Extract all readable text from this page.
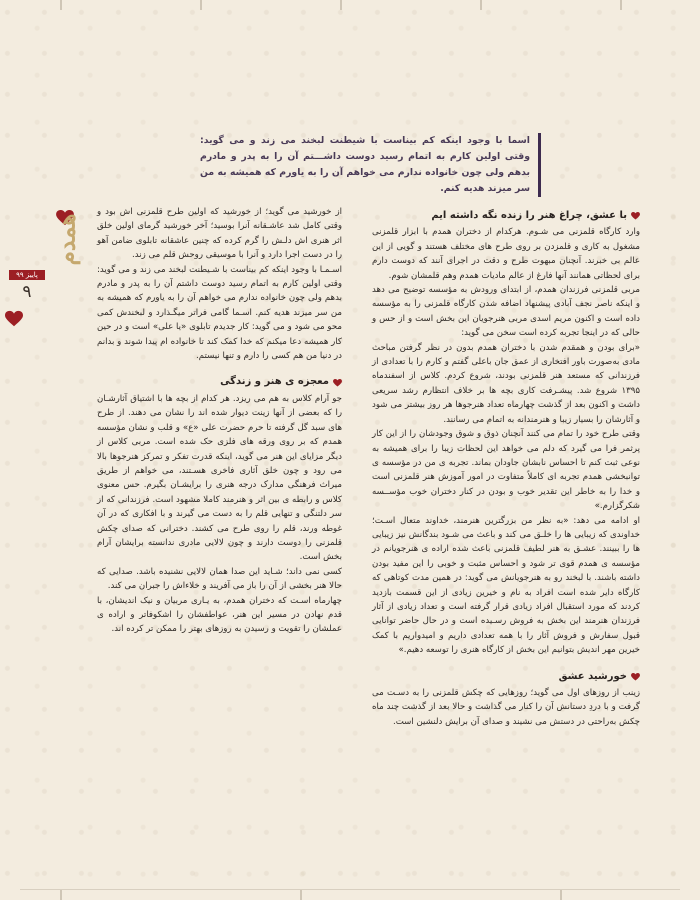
همدم
پاییز ۹۹
۹
اسما با وجود اینکه کم بیناست با شیطنت لبخند می زند و می گوید: وقتی اولین کارم به اتمام رسید دوست داشـــتم آن را به پدر و مادرم بدهم ولی چون خانواده ندارم می خواهم آن را به یاورم که همیشه به من سر میزند هدیه کنم.
با عشق، چراغ هنر را زنده نگه داشته ایم

وارد کارگاه قلمزنی می شـوم. هرکدام از دختران همدم با ابزار قلمزنی مشغول به کاری و قلمزدن بر روی طرح های مختلف هستند و گویی از این عالم بی خبرند. آنچنان مبهوت طرح و دقت در اجرای آنند که دوست دارم برای لحظاتی همانند آنها فارغ از عالم ماديات همدم وهم قلمشان شوم.

مربی قلمزنی فرزندان همدم، از ابتدای ورودش به مؤسسه توضیح می دهد و اینکه ناصر نجف آبادی پیشنهاد اضافه شدن کارگاه قلمزنی را به مؤسسه داده است و اکنون مریم اسدی مربی هنرجویان این بخش است و از حس و حالی که در اینجا تجربه کرده است سخن می گوید:

«برای بودن و همقدم شدن با دختران همدم بدون در نظر گرفتن مباحث مادی به‌صورت باور افتخاری از عمق جان باعلی گفتم و کارم را با تعدادی از فرزندانی که مستعد هنر قلمزنی بودند، شروع کردم. کلاس از اسفندماه ۱۳۹۵ شروع شد. پیشـرفت کاری بچه ها بر خلاف انتظارم رشد سریعی داشت و اکنون بعد از گذشت چهارماه تعداد هنرجوها هر روز بیشتر می شود و آثارشان را بسیار زیبا و هنرمندانه به اتمام می رسانند.

وقتی طرح خود را تمام می کنند آنچنان ذوق و شوق وجودشان را از این کار پرثمر فرا می گیرد که دلم می خواهد این لحظات زیبا را برای همیشه به نوعی ثبت کنم تا احساس نابشان جاودان بماند. تجربه ی من در مؤسسه ی توانبخشی همدم تجربه ای کاملاً متفاوت در امور آموزش هنر قلمزنی است و خدا را به خاطر این تقدیر خوب و بودن در کنار دختران خوب مؤســسه شکرگزارم.»

او ادامه می دهد: «به نظر من بزرگترین هنرمند، خداوند متعال اسـت؛ خداوندی که زیبایی ها را خلـق می کند و باعث می شـود بندگانش نیز زیبایی ها را ببینند. عشـق به هنر لطیف قلمزنی باعث شده اراده ی هنرجویانم در مؤسسه ی همدم قوی تر شود و احساس مثبت و خوبی را این مفید بودن داشته باشند. با لبخند رو به هنرجویانش می گوید: در همین مدت کوتاهی که کارگاه دایر شده است افراد به نام و خیرین زیادی از این قسمت بازدید کردند که مورد استقبال افراد زیادی قرار گرفته است و تعداد زیادی از آثار فرزندان هنرمند این بخش به فروش رسـیده است و در حال حاضر توانایی قبول سفارش و فروش آثار را با همه تعدادی داریم و امیدواریم با کمک خیرین مهر اندیش بتوانیم این بخش از کارگاه هنری را توسعه دهیم.»

خورشید عشق

زینب از روزهای اول می گوید؛ روزهایی که چکش قلمزنی را به دسـت می گرفت و با دردِ دستانش آن را کنار می گذاشت و حالا بعد از گذشت چند ماه چکش به‌راحتی در دستش می نشیند و صدای آن برایش دلنشین است.

از خورشید می گوید؛ از خورشید که اولین طرح قلمزنی اش بود و وقتی کامل شد عاشـقانه آنرا بوسید؛ آخر خورشید گرمای اولین خلق اثر هنری اش دلـش را گرم کرده که چنین عاشقانه تابلوی ضامن آهو را در دست اجرا دارد و آنرا با موسیقی روحش قلم می زند.

اسـمـا با وجود اینکه کم بیناست با شـیطنت لبخند می زند و می گوید: وقتی اولین کارم به اتمام رسید دوست داشتم آن را به پدر و مادرم بدهم ولی چون خانواده ندارم می خواهم آن را به یاورم که همیشه به من سر میزند هدیه کنم. اسـما گامی فراتر میگـذارد و لبخندش کمی محو می شود و می گوید: کار جدیدم تابلوی «یا علی» است و در حین کار همیشه دعا میکنم که خدا کمک کند تا خانواده ام پیدا شوند و بدانم در دنیا من هم کسی را دارم و تنها نیستم.

معجزه ی هنر و زندگی

جو آرام کلاس به هم می ریزد. هر کدام از بچه ها با اشتیاق آثارشـان را که بعضی از آنها زینت دیوار شده اند را نشان می دهند. از طرح های سبد گل گرفته تا حرم حضرت علی «ع» و قلب و نشان مؤسسه همدم که بر روی ورقه های فلزی حک شده است. مربی کلاس از دیگر مزایای این هنر می گوید، اینکه قدرت تفکر و تمرکز هنرجوها بالا می رود و چون خلق آثاری فاخری هسـتند، می خواهم از طریق میراث فرهنگی مدارک درجه هنری را برایشـان بگیرم. حس معنوی کلاس و رابطه ی بین اثر و هنرمند کاملا مشهود است. فرزندانی که از سر دلتنگی و تنهایی قلم را به دست می گیرند و با افکاری که در آن غوطه ورند، قلم را روی طرح می کشند. دخترانی که صدای چکش قلمزنی را دوست دارند و چون لالایی مادری ندانسته برایشان آرام بخش است.

کسی نمی داند؛ شـاید این صدا همان لالایی نشنیده باشد. صدایی که حالا هنر بخشی از آن را باز می آفریند و خلاءاش را جبران می کند.

چهارماه اسـت که دختران همدم، به یـاری مربیان و نیک اندیشان، با قدم نهادن در مسیر این هنر، عواطفشان را اشکوفاتر و اراده ی عملشان را تقویت و رسیدن به روزهای بهتر را ممکن تر کرده اند.
